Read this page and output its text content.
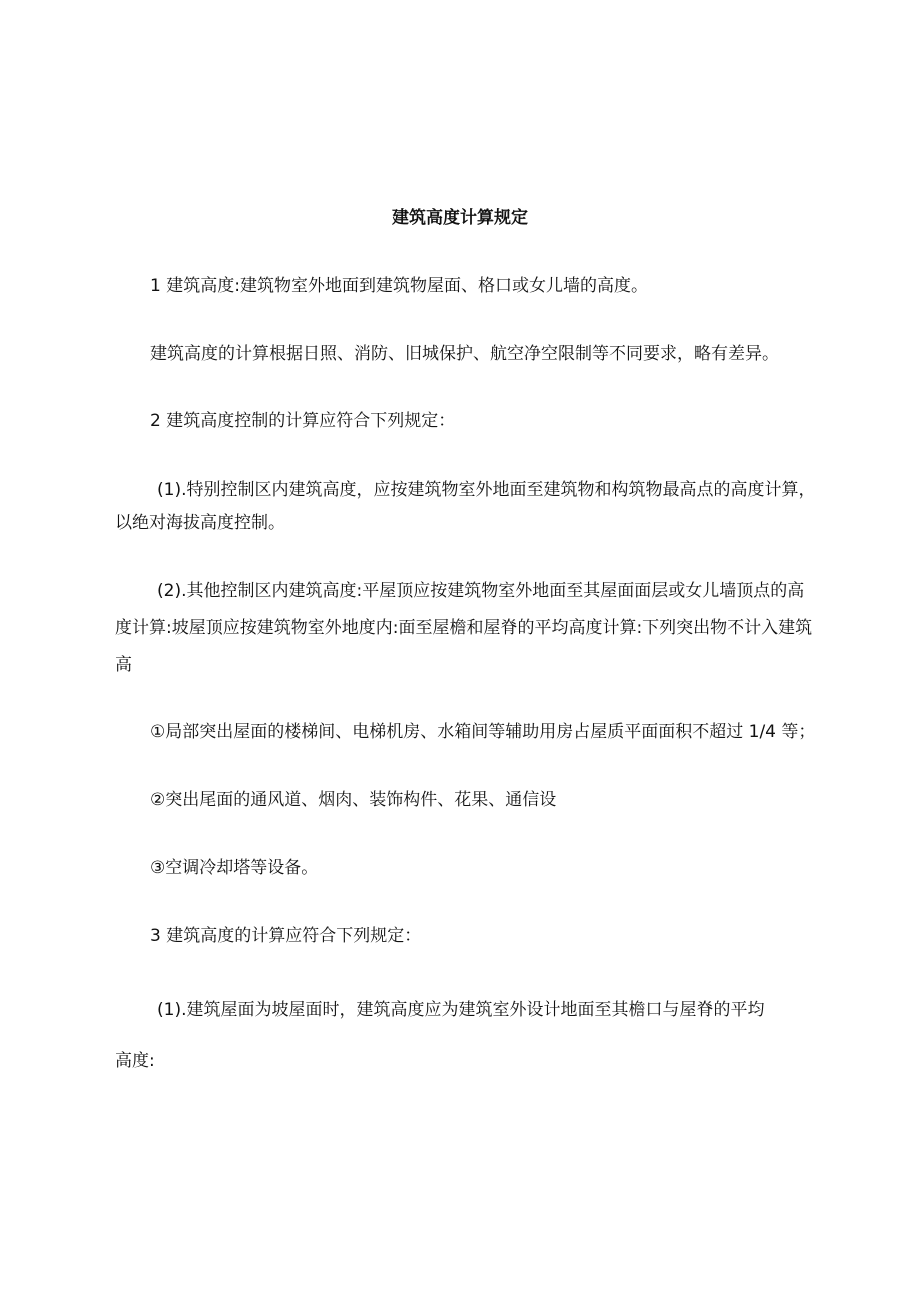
建筑高度计算规定
1 建筑高度:建筑物室外地面到建筑物屋面、格口或女儿墙的高度。
建筑高度的计算根据日照、消防、旧城保护、航空净空限制等不同要求，略有差异。
2 建筑高度控制的计算应符合下列规定：
(1).特别控制区内建筑高度，应按建筑物室外地面至建筑物和构筑物最高点的高度计算，
以绝对海拔高度控制。
(2).其他控制区内建筑高度:平屋顶应按建筑物室外地面至其屋面面层或女儿墙顶点的高
度计算:坡屋顶应按建筑物室外地度内:面至屋檐和屋脊的平均高度计算:下列突出物不计入建筑
高
①局部突出屋面的楼梯间、电梯机房、水箱间等辅助用房占屋质平面面积不超过 1/4 等；
②突出尾面的通风道、烟肉、装饰构件、花果、通信设
③空调冷却塔等设备。
3 建筑高度的计算应符合下列规定：
(1).建筑屋面为坡屋面时，建筑高度应为建筑室外设计地面至其檐口与屋脊的平均
高度:
